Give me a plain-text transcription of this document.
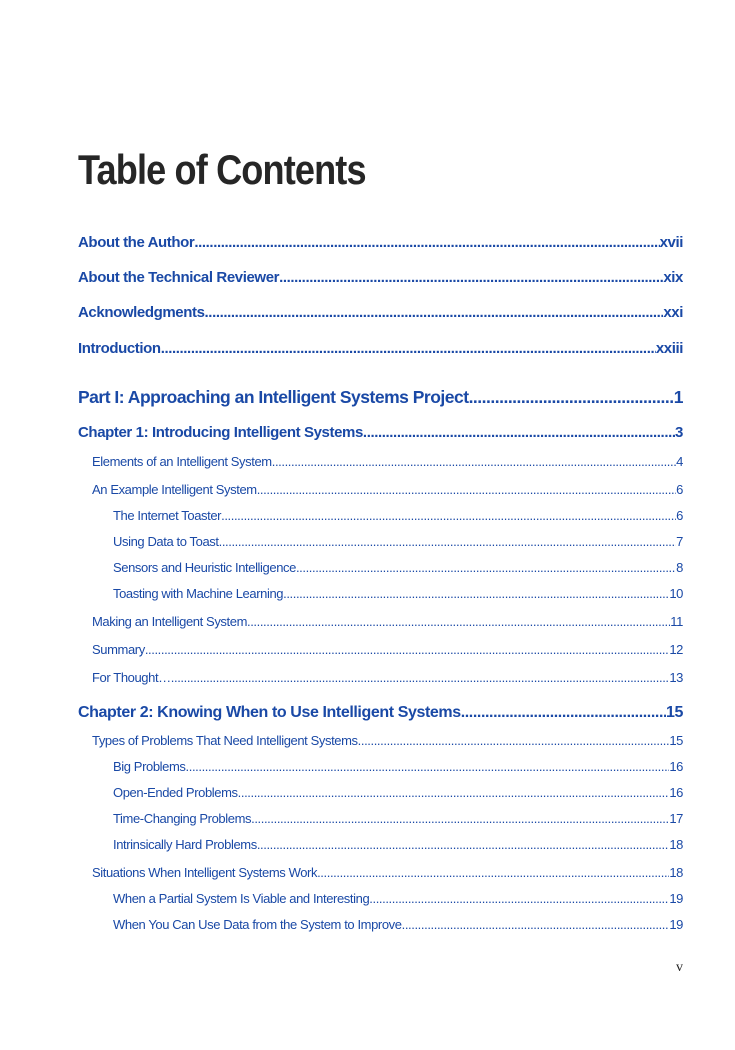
Table of Contents
About the Author .....	xvii
About the Technical Reviewer .....	xix
Acknowledgments .....	xxi
Introduction .....	xxiii
Part I: Approaching an Intelligent Systems Project .....	1
Chapter 1: Introducing Intelligent Systems .....	3
Elements of an Intelligent System .....	4
An Example Intelligent System .....	6
The Internet Toaster .....	6
Using Data to Toast .....	7
Sensors and Heuristic Intelligence .....	8
Toasting with Machine Learning .....	10
Making an Intelligent System .....	11
Summary .....	12
For Thought… .....	13
Chapter 2: Knowing When to Use Intelligent Systems .....	15
Types of Problems That Need Intelligent Systems .....	15
Big Problems .....	16
Open-Ended Problems .....	16
Time-Changing Problems .....	17
Intrinsically Hard Problems .....	18
Situations When Intelligent Systems Work .....	18
When a Partial System Is Viable and Interesting .....	19
When You Can Use Data from the System to Improve .....	19
v
